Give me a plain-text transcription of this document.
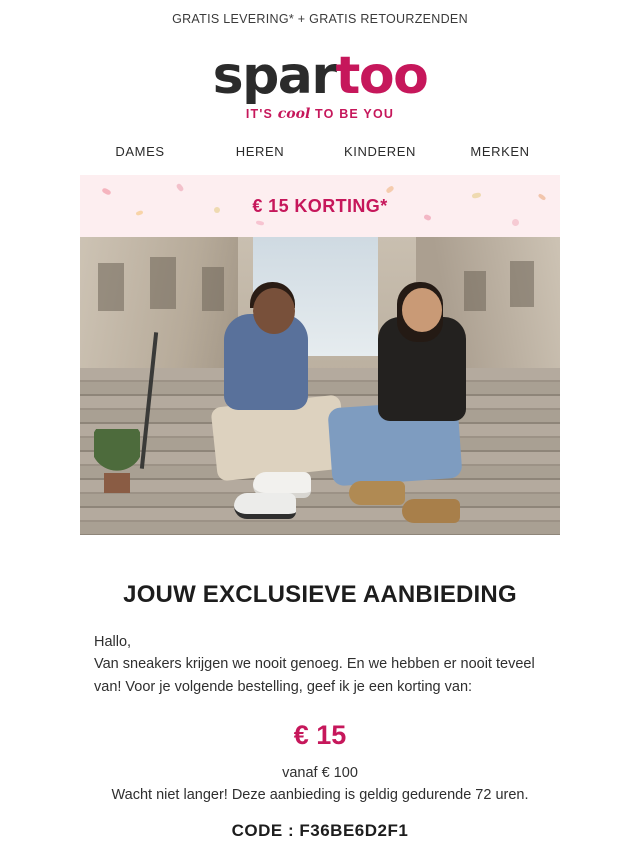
GRATIS LEVERING* + GRATIS RETOURZENDEN
spartoo
IT'S cool TO BE YOU
DAMES	HEREN	KINDEREN	MERKEN
€ 15 KORTING*
JOUW EXCLUSIEVE AANBIEDING
Hallo,
Van sneakers krijgen we nooit genoeg. En we hebben er nooit teveel van! Voor je volgende bestelling, geef ik je een korting van:
€ 15
vanaf € 100
Wacht niet langer! Deze aanbieding is geldig gedurende 72 uren.
CODE : F36BE6D2F1
